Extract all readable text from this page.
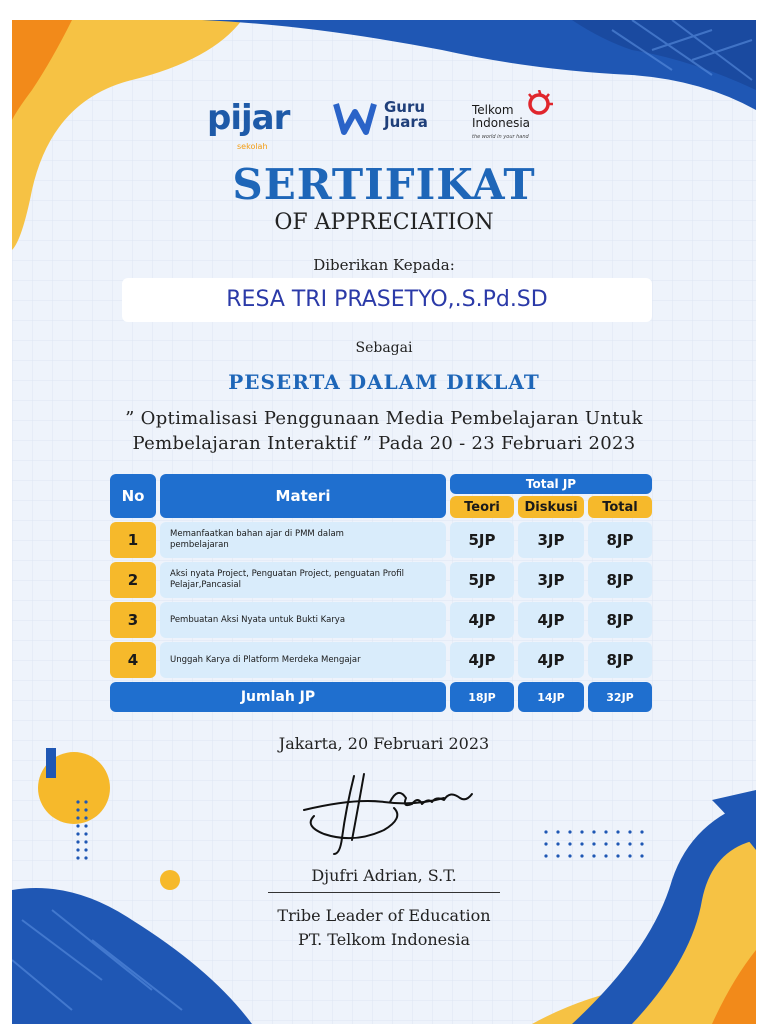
pijar
sekolah
Guru
Juara
Telkom
Indonesia
the world in your hand
SERTIFIKAT
OF APPRECIATION
Diberikan Kepada:
RESA TRI PRASETYO,.S.Pd.SD
Sebagai
PESERTA DALAM DIKLAT
” Optimalisasi Penggunaan Media Pembelajaran Untuk
Pembelajaran Interaktif ” Pada 20 - 23 Februari 2023
No	Materi
Total JP
Teori	Diskusi	Total
1	Memanfaatkan bahan ajar di PMM dalam pembelajaran	5JP	3JP	8JP
2	Aksi nyata Project, Penguatan Project, penguatan Profil Pelajar,Pancasial	5JP	3JP	8JP
3	Pembuatan Aksi Nyata untuk Bukti Karya	4JP	4JP	8JP
4	Unggah Karya di Platform Merdeka Mengajar	4JP	4JP	8JP
Jumlah JP	18JP	14JP	32JP
Jakarta, 20 Februari 2023
Djufri Adrian, S.T.
Tribe Leader of Education
PT. Telkom Indonesia
